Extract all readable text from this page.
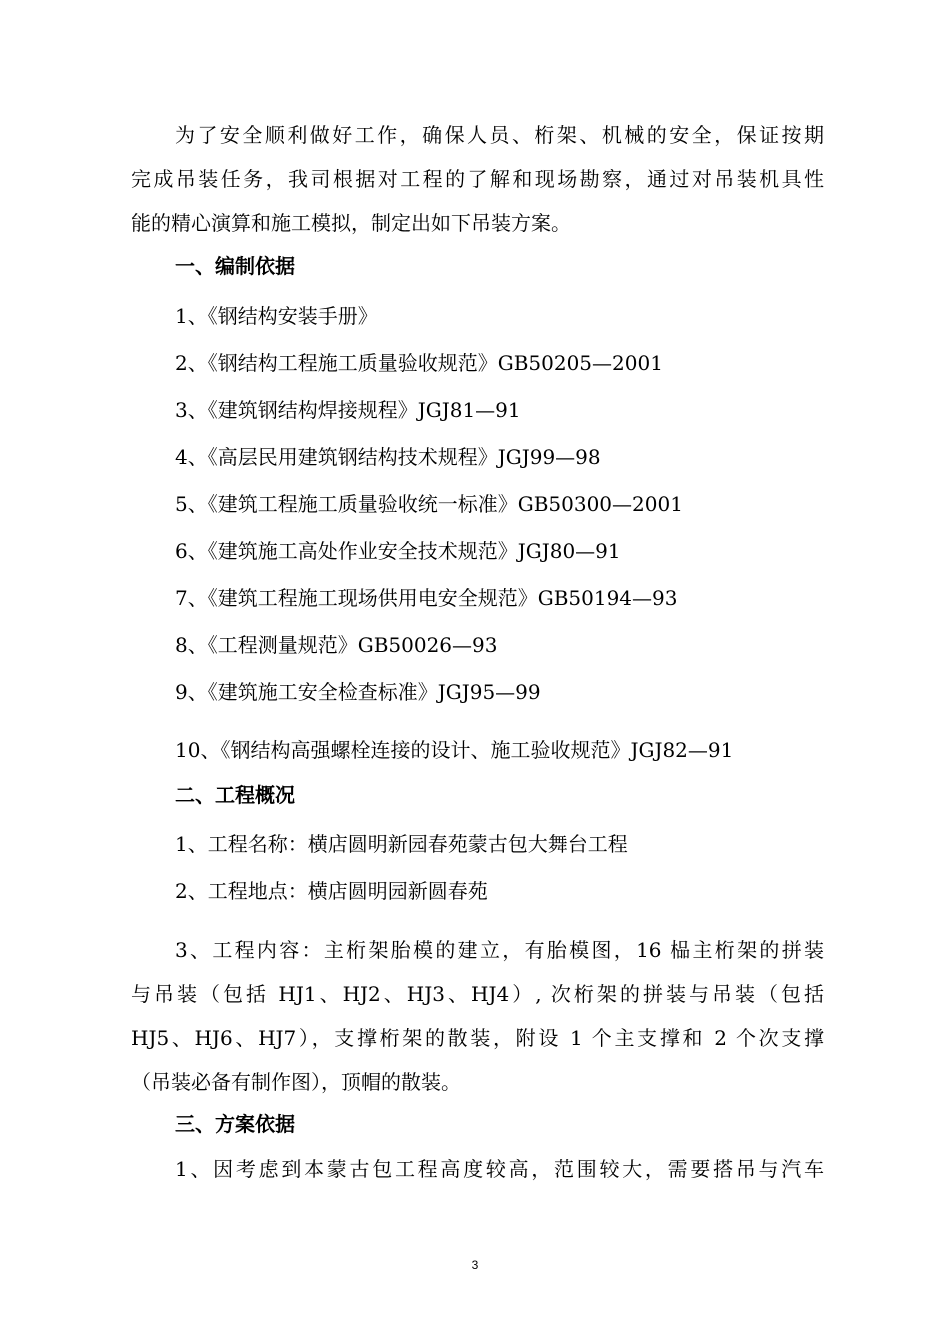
为了安全顺利做好工作，确保人员、桁架、机械的安全，保证按期
完成吊装任务，我司根据对工程的了解和现场勘察，通过对吊装机具性
能的精心演算和施工模拟，制定出如下吊装方案。
一、编制依据
1、《钢结构安装手册》
2、《钢结构工程施工质量验收规范》GB50205—2001
3、《建筑钢结构焊接规程》JGJ81—91
4、《高层民用建筑钢结构技术规程》JGJ99—98
5、《建筑工程施工质量验收统一标准》GB50300—2001
6、《建筑施工高处作业安全技术规范》JGJ80—91
7、《建筑工程施工现场供用电安全规范》GB50194—93
8、《工程测量规范》GB50026—93
9、《建筑施工安全检查标准》JGJ95—99
10、《钢结构高强螺栓连接的设计、施工验收规范》JGJ82—91
二、工程概况
1、工程名称：横店圆明新园春苑蒙古包大舞台工程
2、工程地点：横店圆明园新圆春苑
3、工程内容：主桁架胎模的建立，有胎模图，16 榀主桁架的拼装
与吊装（包括 HJ1、HJ2、HJ3、HJ4）, 次桁架的拼装与吊装（包括
HJ5、HJ6、HJ7），支撑桁架的散装，附设 1 个主支撑和 2 个次支撑
（吊装必备有制作图），顶帽的散装。
三、方案依据
1、因考虑到本蒙古包工程高度较高，范围较大，需要搭吊与汽车
3
